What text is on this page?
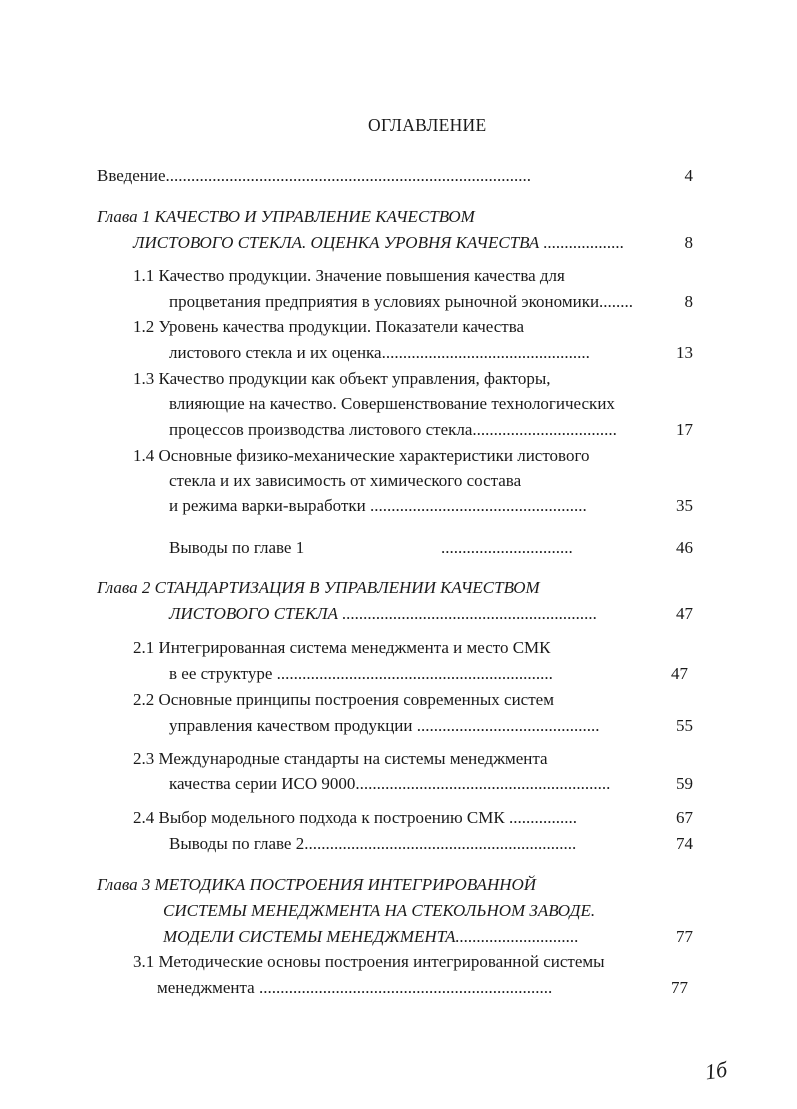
ОГЛАВЛЕНИЕ
Введение......................................................................................	4
Глава 1 КАЧЕСТВО И УПРАВЛЕНИЕ КАЧЕСТВОМ
ЛИСТОВОГО СТЕКЛА. ОЦЕНКА УРОВНЯ КАЧЕСТВА ...................	8
1.1 Качество продукции. Значение повышения качества для
процветания предприятия в условиях рыночной экономики........	8
1.2 Уровень качества продукции. Показатели качества
листового стекла и их оценка.................................................	13
1.3 Качество продукции как объект управления, факторы,
влияющие на качество. Совершенствование технологических
процессов производства листового стекла..................................	17
1.4 Основные физико-механические характеристики листового
стекла и их зависимость от химического состава
и режима варки-выработки ...................................................	35
Выводы по главе 1	...............................	46
Глава 2 СТАНДАРТИЗАЦИЯ В УПРАВЛЕНИИ КАЧЕСТВОМ
ЛИСТОВОГО СТЕКЛА ............................................................	47
2.1 Интегрированная система менеджмента и место СМК
в ее структуре .................................................................	47
2.2 Основные принципы построения современных систем
управления качеством продукции ...........................................	55
2.3 Международные стандарты на системы менеджмента
качества серии ИСО 9000............................................................	59
2.4 Выбор модельного подхода к построению СМК ................	67
Выводы по главе 2................................................................	74
Глава 3 МЕТОДИКА ПОСТРОЕНИЯ ИНТЕГРИРОВАННОЙ
СИСТЕМЫ МЕНЕДЖМЕНТА НА СТЕКОЛЬНОМ ЗАВОДЕ.
МОДЕЛИ СИСТЕМЫ МЕНЕДЖМЕНТА.............................	77
3.1 Методические основы построения интегрированной системы
менеджмента .....................................................................	77
1б
